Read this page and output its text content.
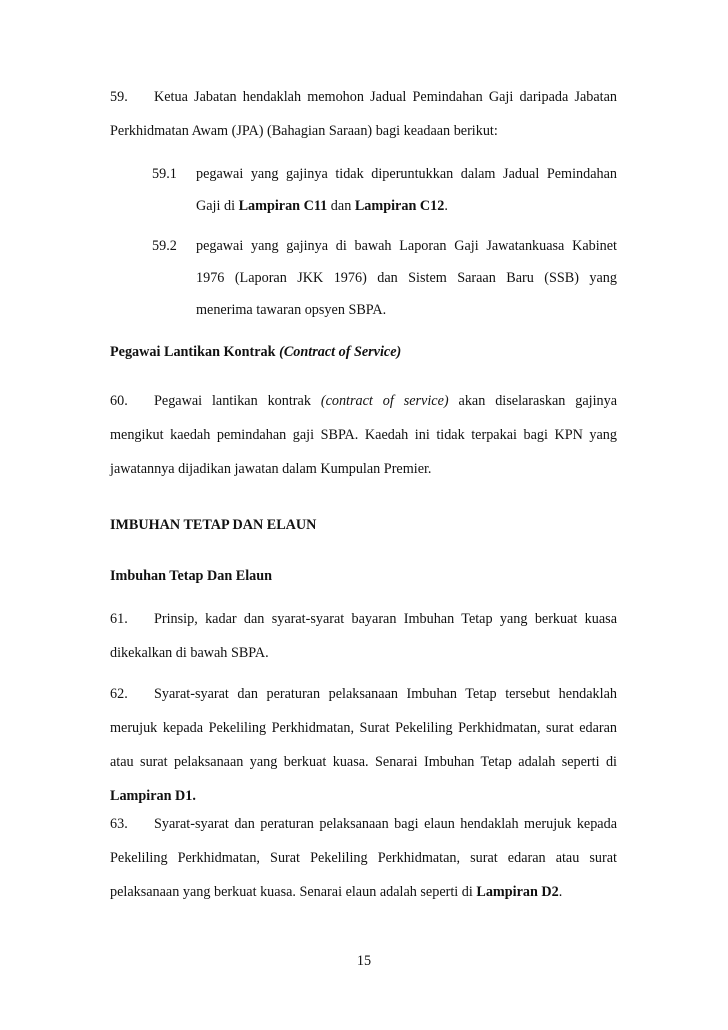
59. Ketua Jabatan hendaklah memohon Jadual Pemindahan Gaji daripada Jabatan
Perkhidmatan Awam (JPA) (Bahagian Saraan) bagi keadaan berikut:
59.1 pegawai yang gajinya tidak diperuntukkan dalam Jadual Pemindahan
Gaji di Lampiran C11 dan Lampiran C12.
59.2 pegawai yang gajinya di bawah Laporan Gaji Jawatankuasa Kabinet
1976 (Laporan JKK 1976) dan Sistem Saraan Baru (SSB) yang
menerima tawaran opsyen SBPA.
Pegawai Lantikan Kontrak (Contract of Service)
60. Pegawai lantikan kontrak (contract of service) akan diselaraskan gajinya
mengikut kaedah pemindahan gaji SBPA. Kaedah ini tidak terpakai bagi KPN yang
jawatannya dijadikan jawatan dalam Kumpulan Premier.
IMBUHAN TETAP DAN ELAUN
Imbuhan Tetap Dan Elaun
61. Prinsip, kadar dan syarat-syarat bayaran Imbuhan Tetap yang berkuat kuasa
dikekalkan di bawah SBPA.
62. Syarat-syarat dan peraturan pelaksanaan Imbuhan Tetap tersebut hendaklah
merujuk kepada Pekeliling Perkhidmatan, Surat Pekeliling Perkhidmatan, surat edaran
atau surat pelaksanaan yang berkuat kuasa. Senarai Imbuhan Tetap adalah seperti di
Lampiran D1.
63. Syarat-syarat dan peraturan pelaksanaan bagi elaun hendaklah merujuk kepada
Pekeliling Perkhidmatan, Surat Pekeliling Perkhidmatan, surat edaran atau surat
pelaksanaan yang berkuat kuasa. Senarai elaun adalah seperti di Lampiran D2.
15
